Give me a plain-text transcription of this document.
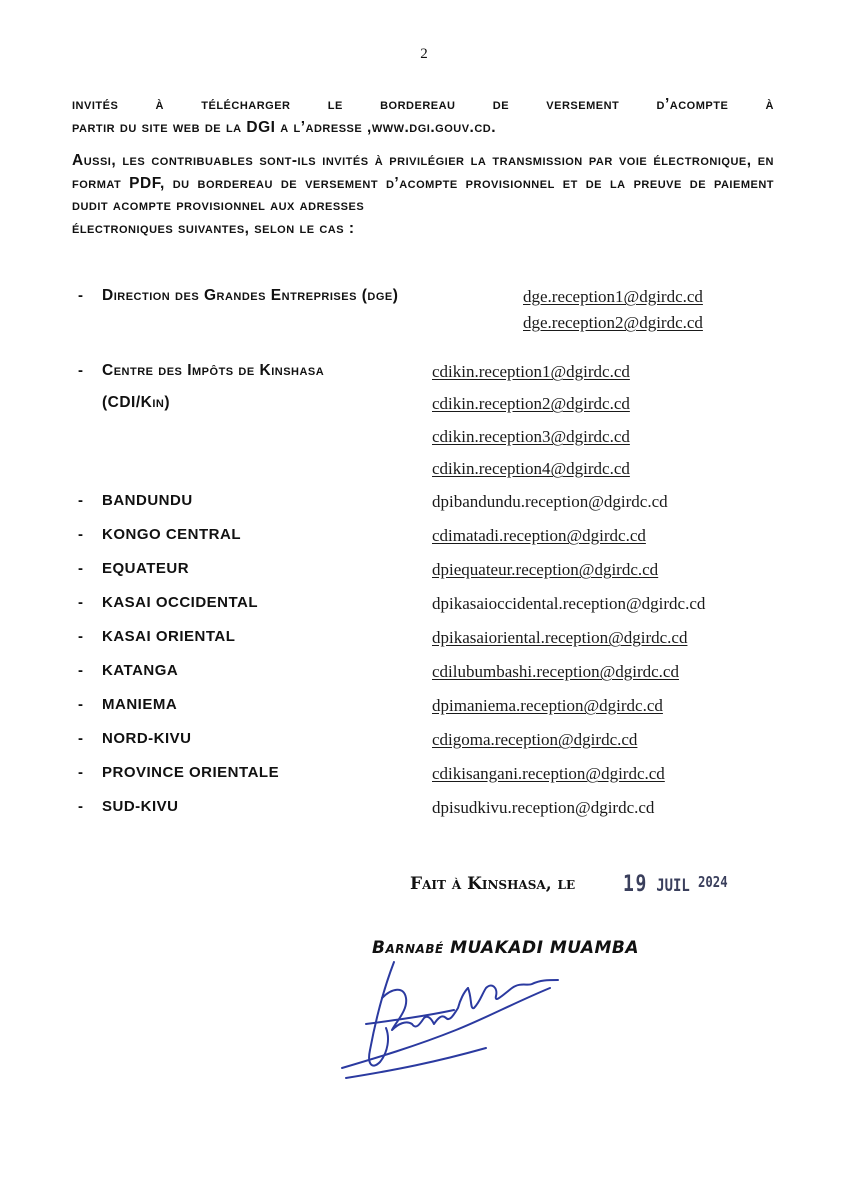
2
invités à télécharger le bordereau de versement d’acompte à
partir du site web de la DGI a l’adresse ,www.dgi.gouv.cd.
Aussi, les contribuables sont-ils invités à privilégier la transmission par voie électronique, en format PDF, du bordereau de versement d’acompte provisionnel et de la preuve de paiement dudit acompte provisionnel aux adresses
électroniques suivantes, selon le cas :
- Direction des Grandes Entreprises (dge)	dge.reception1@dgirdc.cd
dge.reception2@dgirdc.cd
- Centre des Impôts de Kinshasa	cdikin.reception1@dgirdc.cd
(CDI/Kin)	cdikin.reception2@dgirdc.cd
cdikin.reception3@dgirdc.cd
cdikin.reception4@dgirdc.cd
- BANDUNDU	dpibandundu.reception@dgirdc.cd
- KONGO CENTRAL	cdimatadi.reception@dgirdc.cd
- EQUATEUR	dpiequateur.reception@dgirdc.cd
- KASAI OCCIDENTAL	dpikasaioccidental.reception@dgirdc.cd
- KASAI ORIENTAL	dpikasaioriental.reception@dgirdc.cd
- KATANGA	cdilubumbashi.reception@dgirdc.cd
- MANIEMA	dpimaniema.reception@dgirdc.cd
- NORD-KIVU	cdigoma.reception@dgirdc.cd
- PROVINCE ORIENTALE	cdikisangani.reception@dgirdc.cd
- SUD-KIVU	dpisudkivu.reception@dgirdc.cd
Fait à Kinshasa, le 19 JUIL 2024
Barnabé MUAKADI MUAMBA
